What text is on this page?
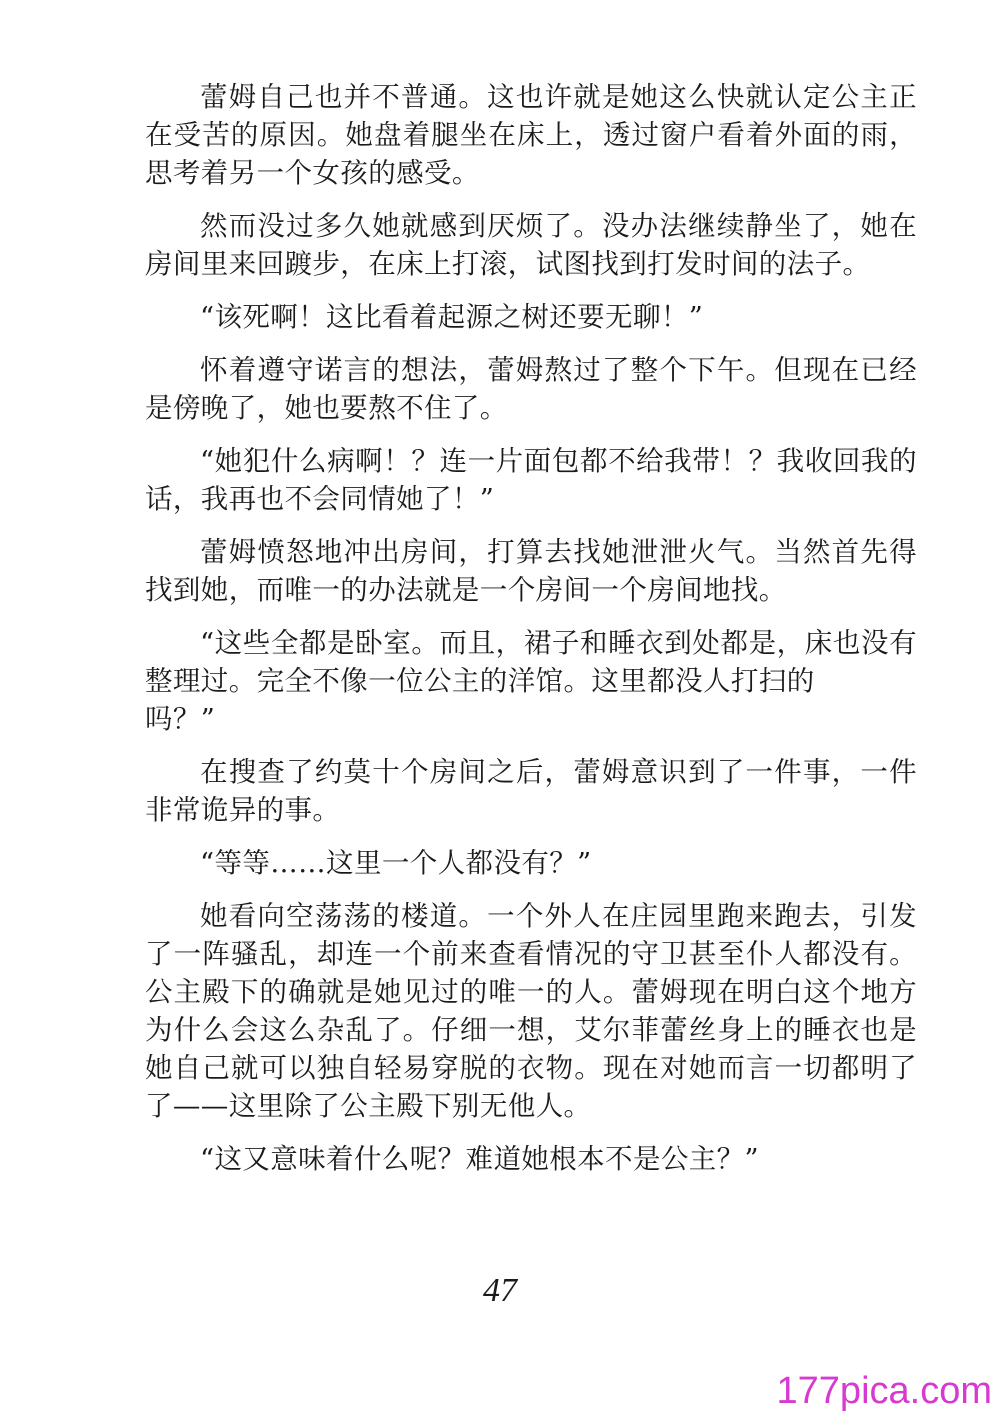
蕾姆自己也并不普通。这也许就是她这么快就认定公主正在受苦的原因。她盘着腿坐在床上，透过窗户看着外面的雨，思考着另一个女孩的感受。

然而没过多久她就感到厌烦了。没办法继续静坐了，她在房间里来回踱步，在床上打滚，试图找到打发时间的法子。

“该死啊！这比看着起源之树还要无聊！”

怀着遵守诺言的想法，蕾姆熬过了整个下午。但现在已经是傍晚了，她也要熬不住了。

“她犯什么病啊！？连一片面包都不给我带！？我收回我的话，我再也不会同情她了！”

蕾姆愤怒地冲出房间，打算去找她泄泄火气。当然首先得找到她，而唯一的办法就是一个房间一个房间地找。

“这些全都是卧室。而且，裙子和睡衣到处都是，床也没有整理过。完全不像一位公主的洋馆。这里都没人打扫的
吗？”

在搜查了约莫十个房间之后，蕾姆意识到了一件事，一件非常诡异的事。

“等等……这里一个人都没有？”

她看向空荡荡的楼道。一个外人在庄园里跑来跑去，引发了一阵骚乱，却连一个前来查看情况的守卫甚至仆人都没有。公主殿下的确就是她见过的唯一的人。蕾姆现在明白这个地方为什么会这么杂乱了。仔细一想，艾尔菲蕾丝身上的睡衣也是她自己就可以独自轻易穿脱的衣物。现在对她而言一切都明了了——这里除了公主殿下别无他人。

“这又意味着什么呢？难道她根本不是公主？”

47
177pica.com
